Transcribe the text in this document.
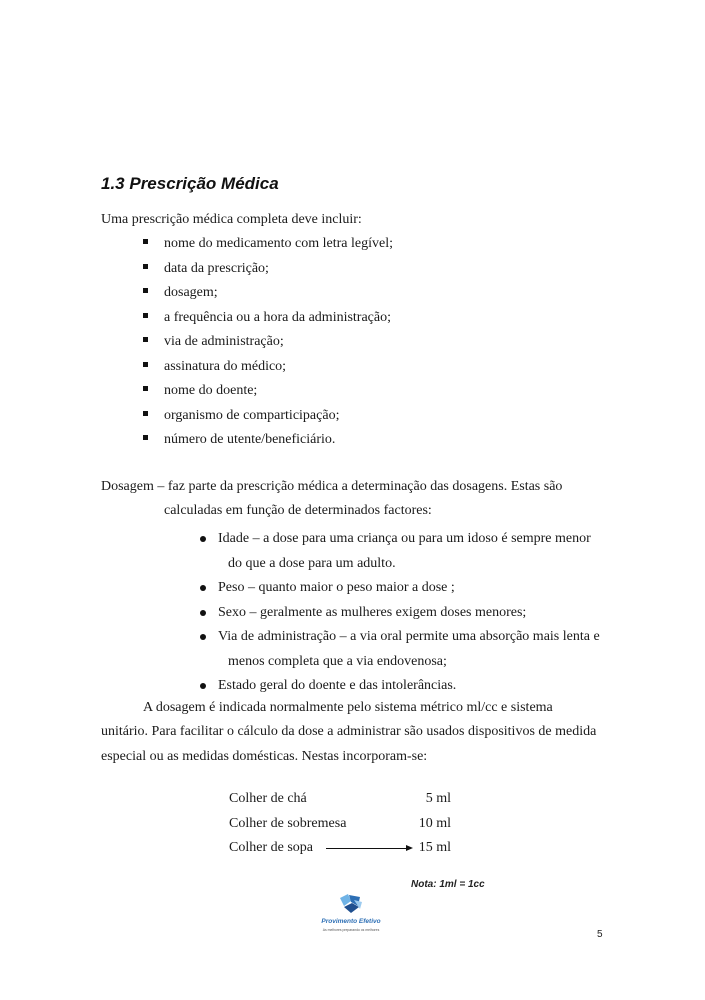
1.3 Prescrição Médica
Uma prescrição médica completa deve incluir:
nome do medicamento com letra legível;
data da prescrição;
dosagem;
a frequência ou a hora da administração;
via de administração;
assinatura do médico;
nome do doente;
organismo de comparticipação;
número de utente/beneficiário.
Dosagem – faz parte da prescrição médica a determinação das dosagens. Estas são
calculadas em função de determinados factores:
Idade – a dose para uma criança ou para um idoso é sempre menor
do que a dose para um adulto.
Peso – quanto maior o peso maior a dose ;
Sexo – geralmente as mulheres exigem doses menores;
Via de administração – a via oral permite uma absorção mais lenta e
menos completa que a via endovenosa;
Estado geral do doente e das intolerâncias.
A dosagem é indicada normalmente pelo sistema métrico ml/cc e sistema
unitário. Para facilitar o cálculo da dose a administrar são usados dispositivos de medida
especial ou as medidas domésticas. Nestas incorporam-se:
Colher de chá	5 ml
Colher de sobremesa	10 ml
Colher de sopa	15 ml
Nota: 1ml = 1cc
Provimento Efetivo
As melhores preparando os melhores	5
